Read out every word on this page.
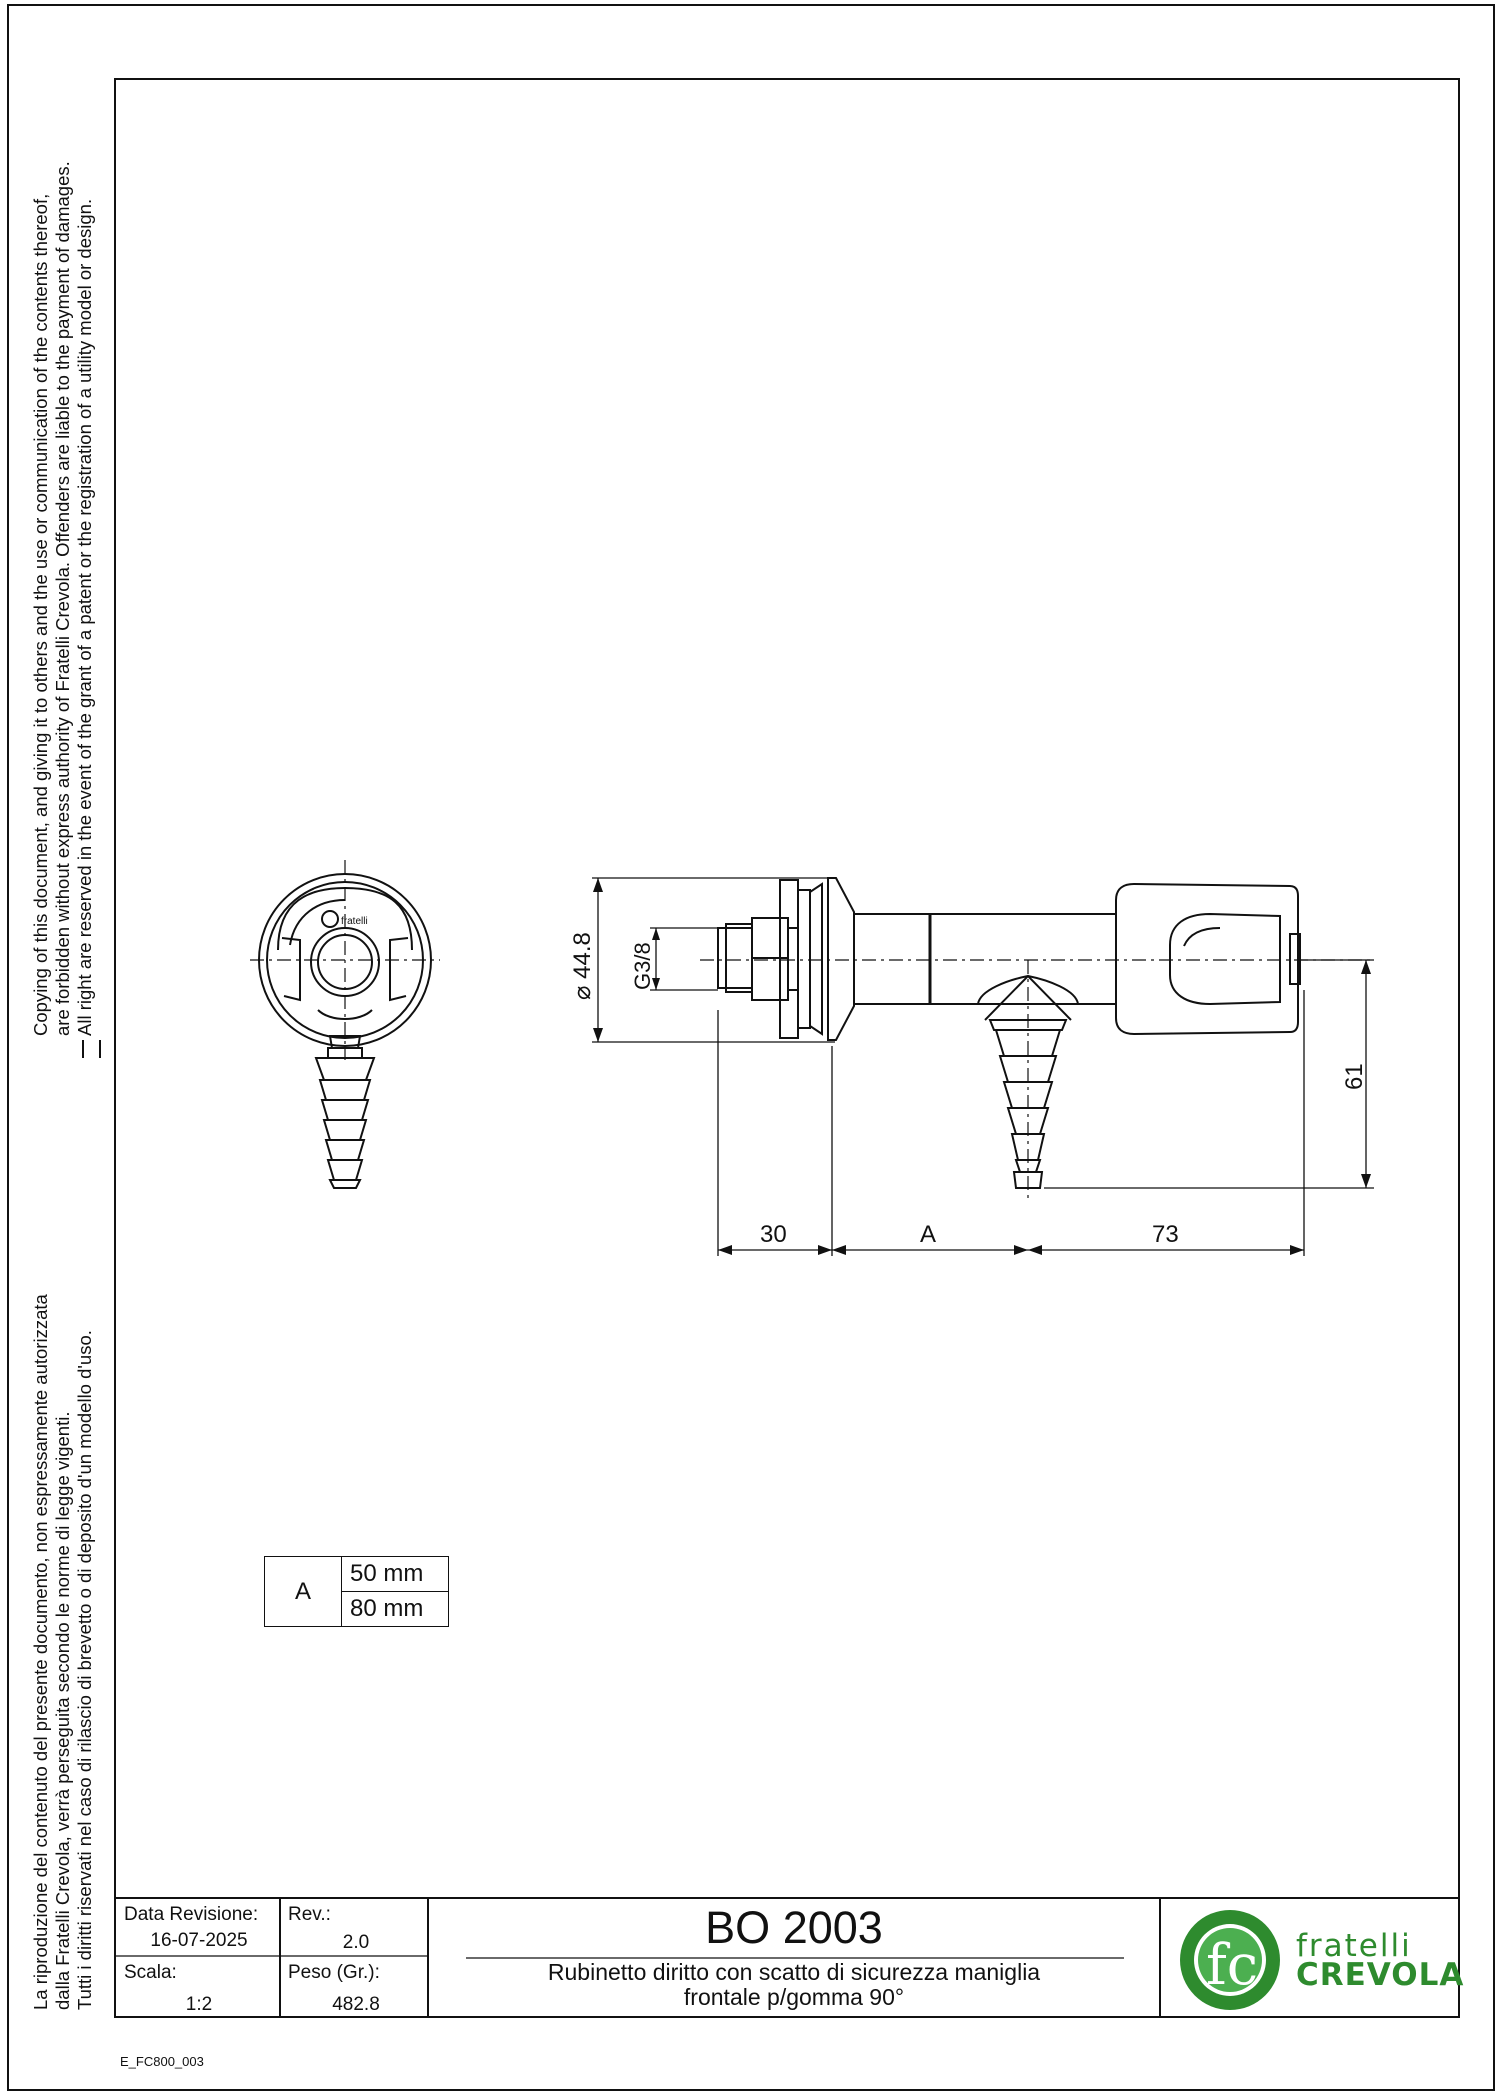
Copying of this document, and giving it to others and the use or communication of the contents thereof, are forbidden without express authority of Fratelli Crevola. Offenders are liable to the payment of damages. All right are reserved in the event of the grant of a patent or the registration of a utility model or design.
La riproduzione del contenuto del presente documento, non espressamente autorizzata dalla Fratelli Crevola, verrà perseguita secondo le norme di legge vigenti. Tutti i diritti riservati nel caso di rilascio di brevetto o di deposito d'un modello d'uso.
fratelli
⌀ 44.8 G3/8
61
30	A	73
fc
A	50 mm
80 mm
Data Revisione:
16-07-2025
Rev.:
2.0
Scala:
1:2
Peso (Gr.):
482.8
BO 2003
Rubinetto diritto con scatto di sicurezza maniglia
frontale p/gomma 90°
fratelli
CREVOLA
E_FC800_003
